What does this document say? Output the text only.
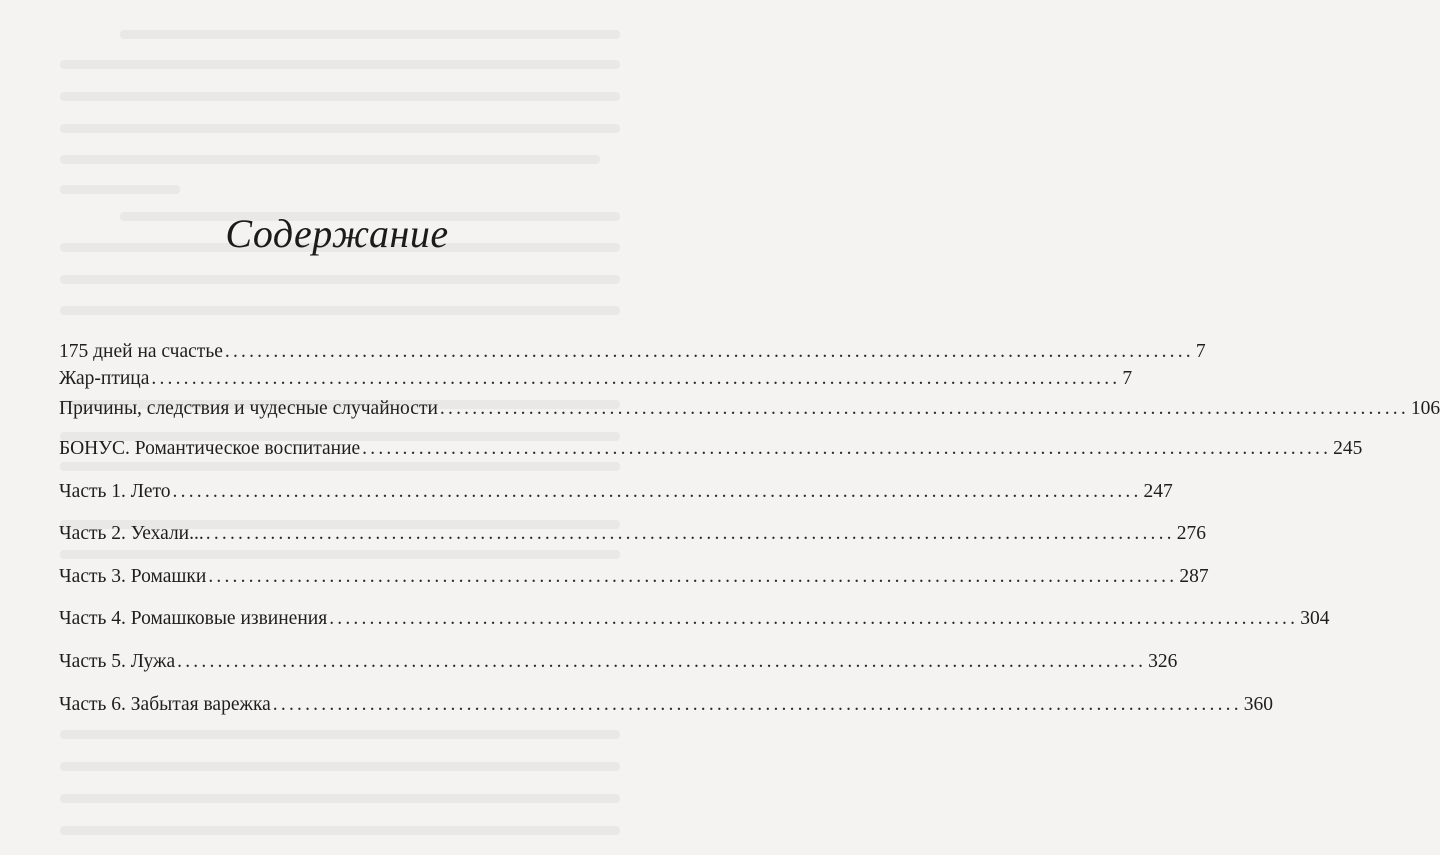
Содержание
175 дней на счастье ........................................................................................................................ 7
Жар-птица ........................................................................................................................ 7
Причины, следствия и чудесные случайности ........................................................................................................................ 106
БОНУС. Романтическое воспитание ........................................................................................................................ 245
Часть 1. Лето ........................................................................................................................ 247
Часть 2. Уехали... ........................................................................................................................ 276
Часть 3. Ромашки ........................................................................................................................ 287
Часть 4. Ромашковые извинения ........................................................................................................................ 304
Часть 5. Лужа ........................................................................................................................ 326
Часть 6. Забытая варежка ........................................................................................................................ 360
